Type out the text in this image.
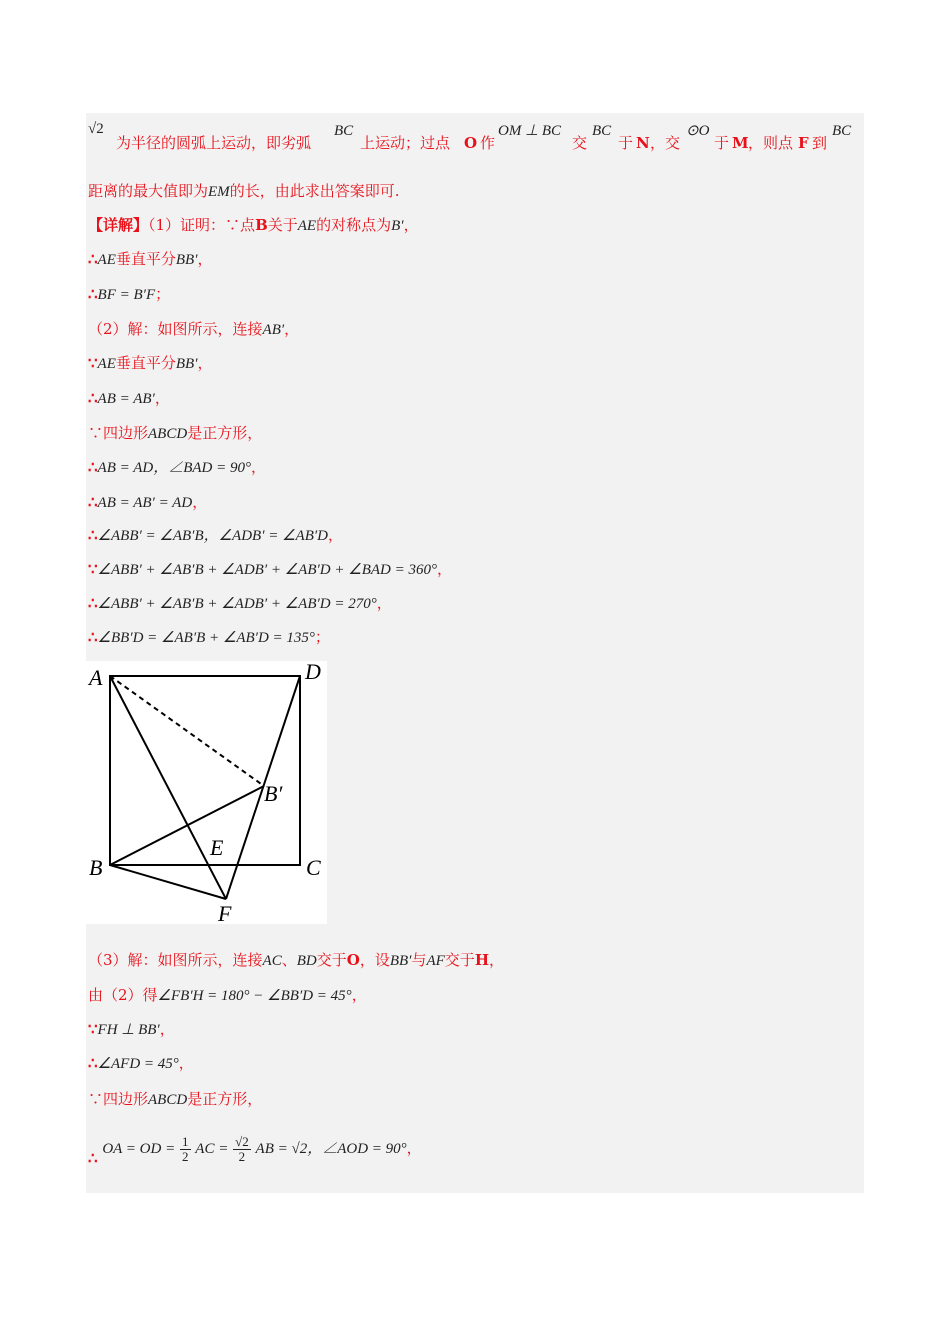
√2
为半径的圆弧上运动，即劣弧
BC
上运动；过点 O 作
OM ⊥ BC
交
BC
于 N ，交
⊙O
于 M ，则点 F 到
BC
距离的最大值即为EM的长，由此求出答案即可.
【详解】（1）证明：∵点B关于AE的对称点为B′，
∴AE垂直平分BB′，
∴BF = B′F；
（2）解：如图所示，连接AB′，
∵AE垂直平分BB′，
∴AB = AB′，
∵四边形ABCD是正方形，
∴AB = AD，∠BAD = 90°，
∴AB = AB′ = AD，
∴∠ABB′ = ∠AB′B，∠ADB′ = ∠AB′D，
∵∠ABB′ + ∠AB′B + ∠ADB′ + ∠AB′D + ∠BAD = 360°，
∴∠ABB′ + ∠AB′B + ∠ADB′ + ∠AB′D = 270°，
∴∠BB′D = ∠AB′B + ∠AB′D = 135°；
A	D
B	C
E
F
B′
（3）解：如图所示，连接AC、BD交于O，设BB′与AF交于H，
由（2）得∠FB′H = 180° − ∠BB′D = 45°，
∵FH ⊥ BB′，
∴∠AFD = 45°，
∵四边形ABCD是正方形，
∴ OA = OD = $\frac{1}{2}$ AC = $\frac{√2}{2}$ AB = √2，∠AOD = 90°，
